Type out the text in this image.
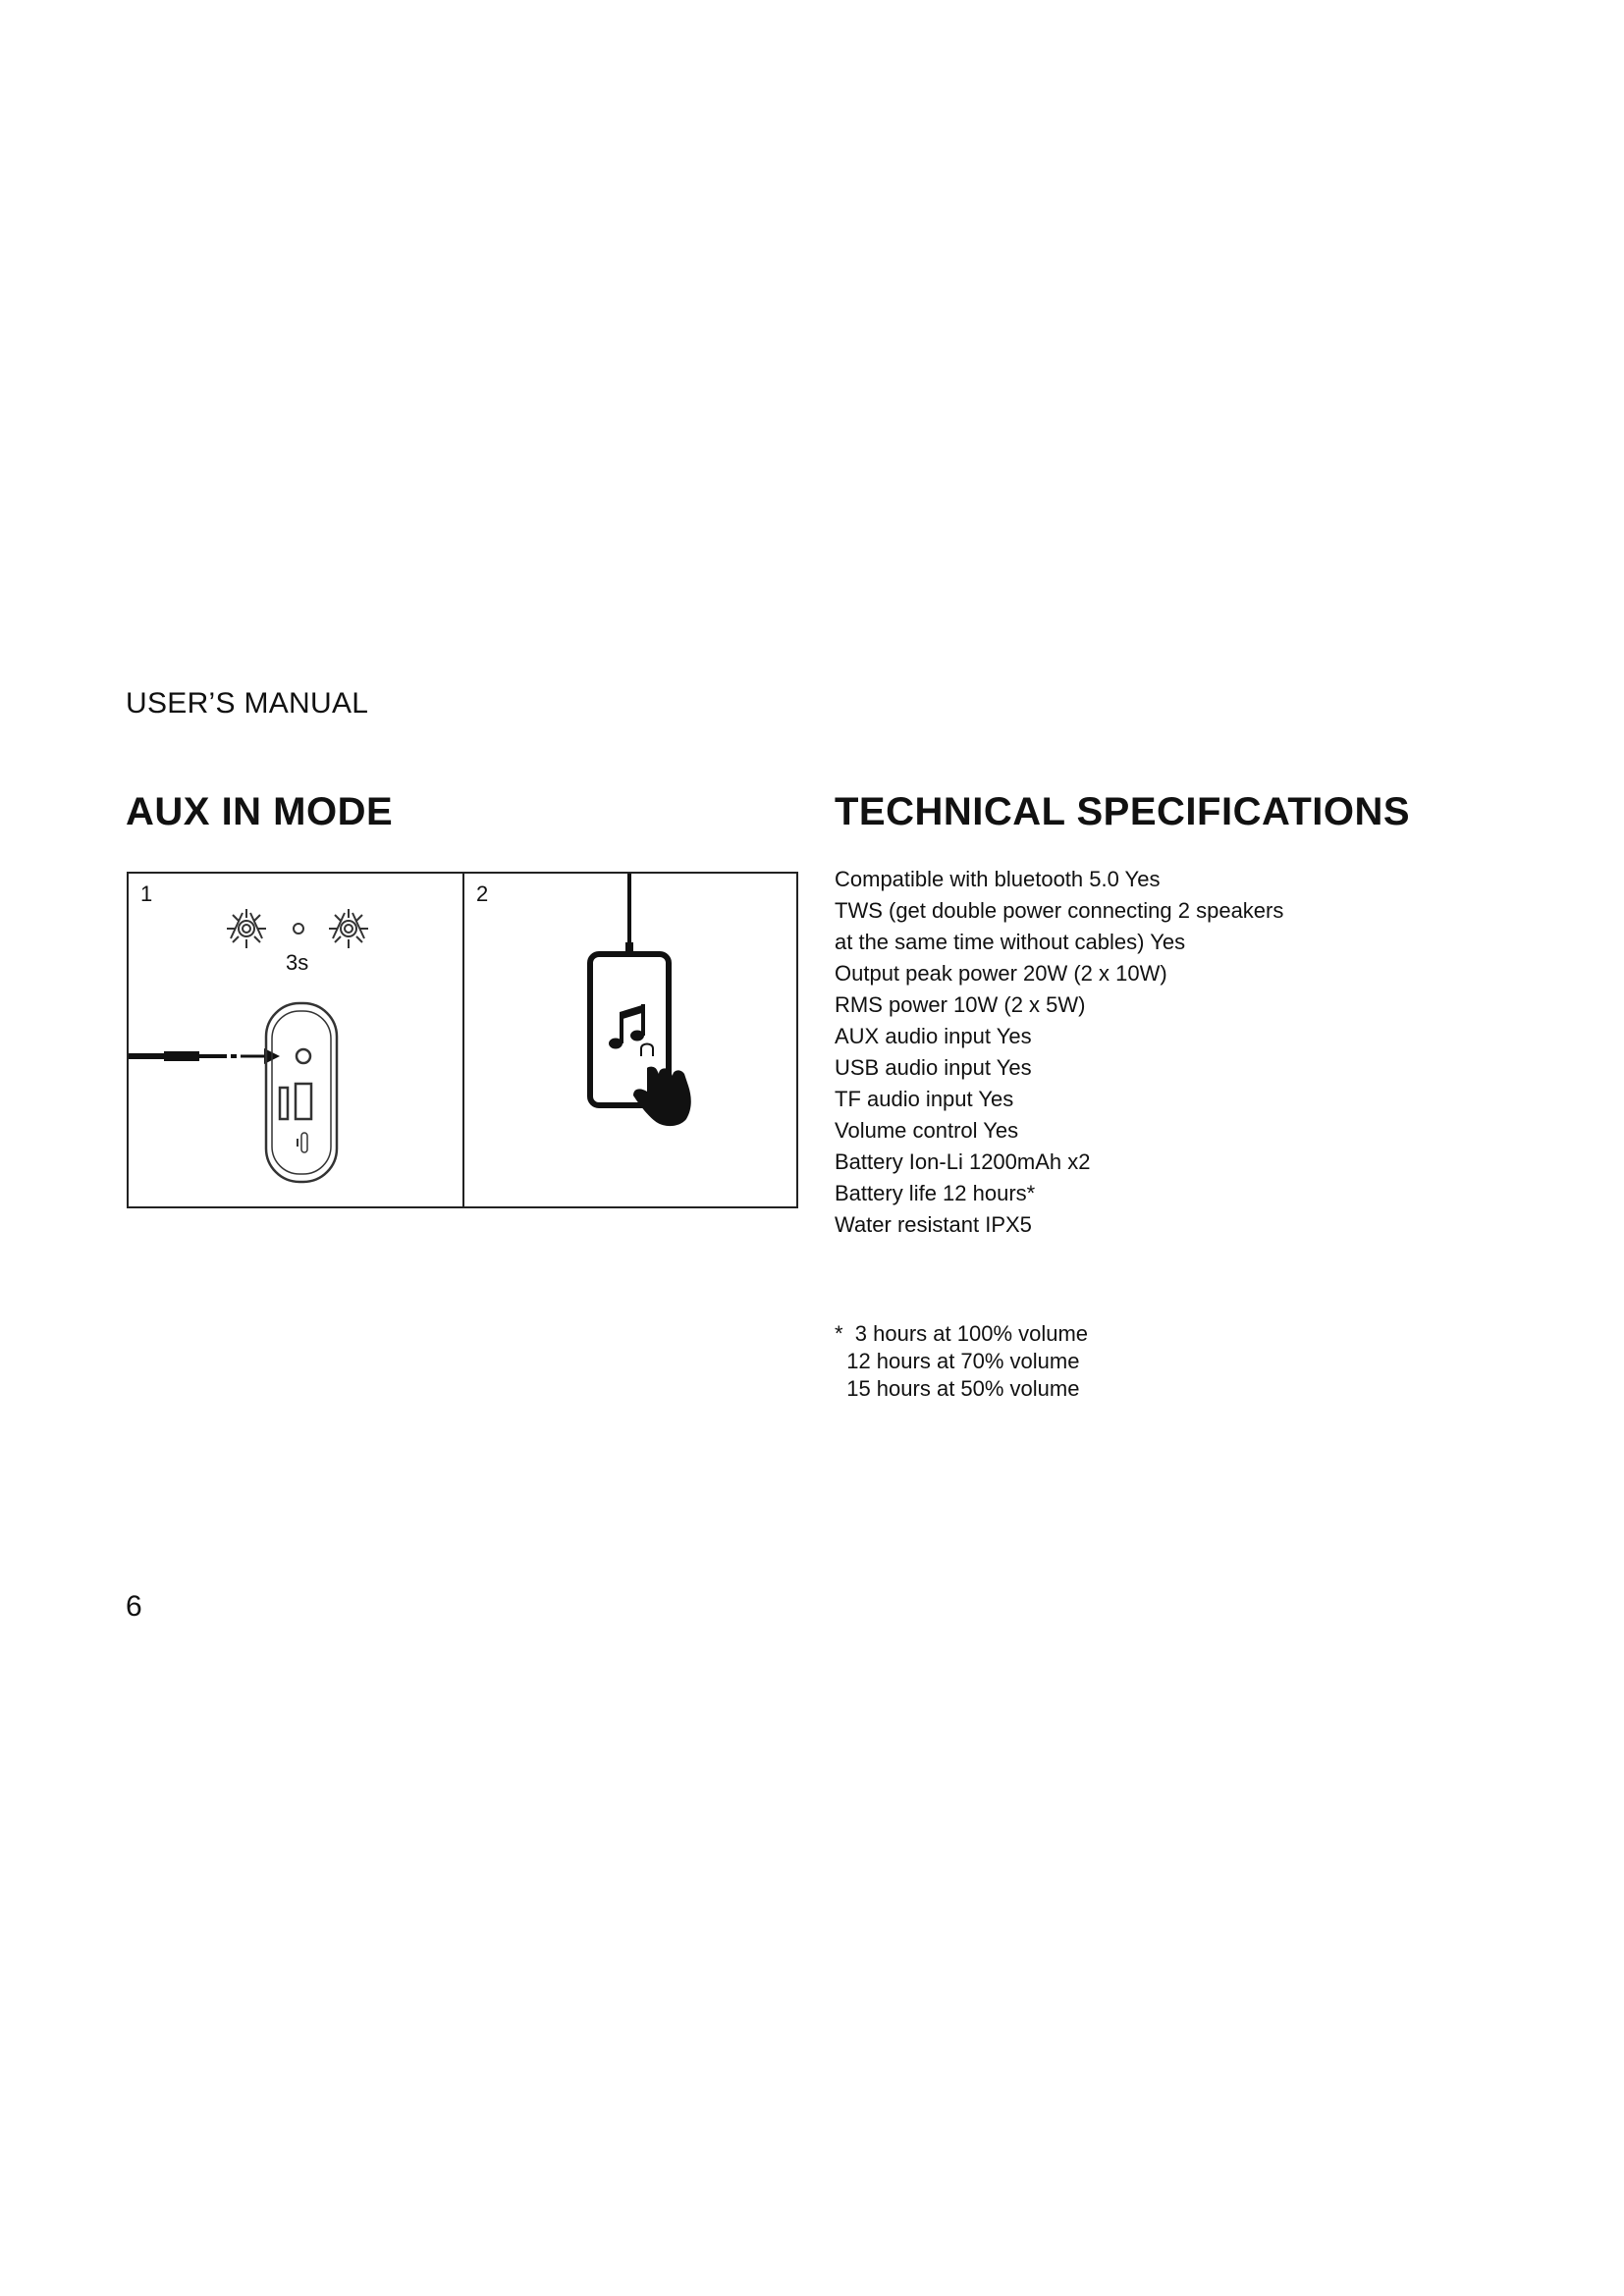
USER’S MANUAL
AUX IN MODE	TECHNICAL SPECIFICATIONS
1
3s
2
Compatible with bluetooth 5.0 Yes
TWS (get double power connecting 2 speakers at the same time without cables) Yes
Output peak power 20W (2 x 10W)
RMS power 10W (2 x 5W)
AUX audio input Yes
USB audio input Yes
TF audio input Yes
Volume control Yes
Battery Ion-Li 1200mAh x2
Battery life 12 hours*
Water resistant IPX5
*  3 hours at 100% volume
12 hours at 70% volume
15 hours at 50% volume
6
